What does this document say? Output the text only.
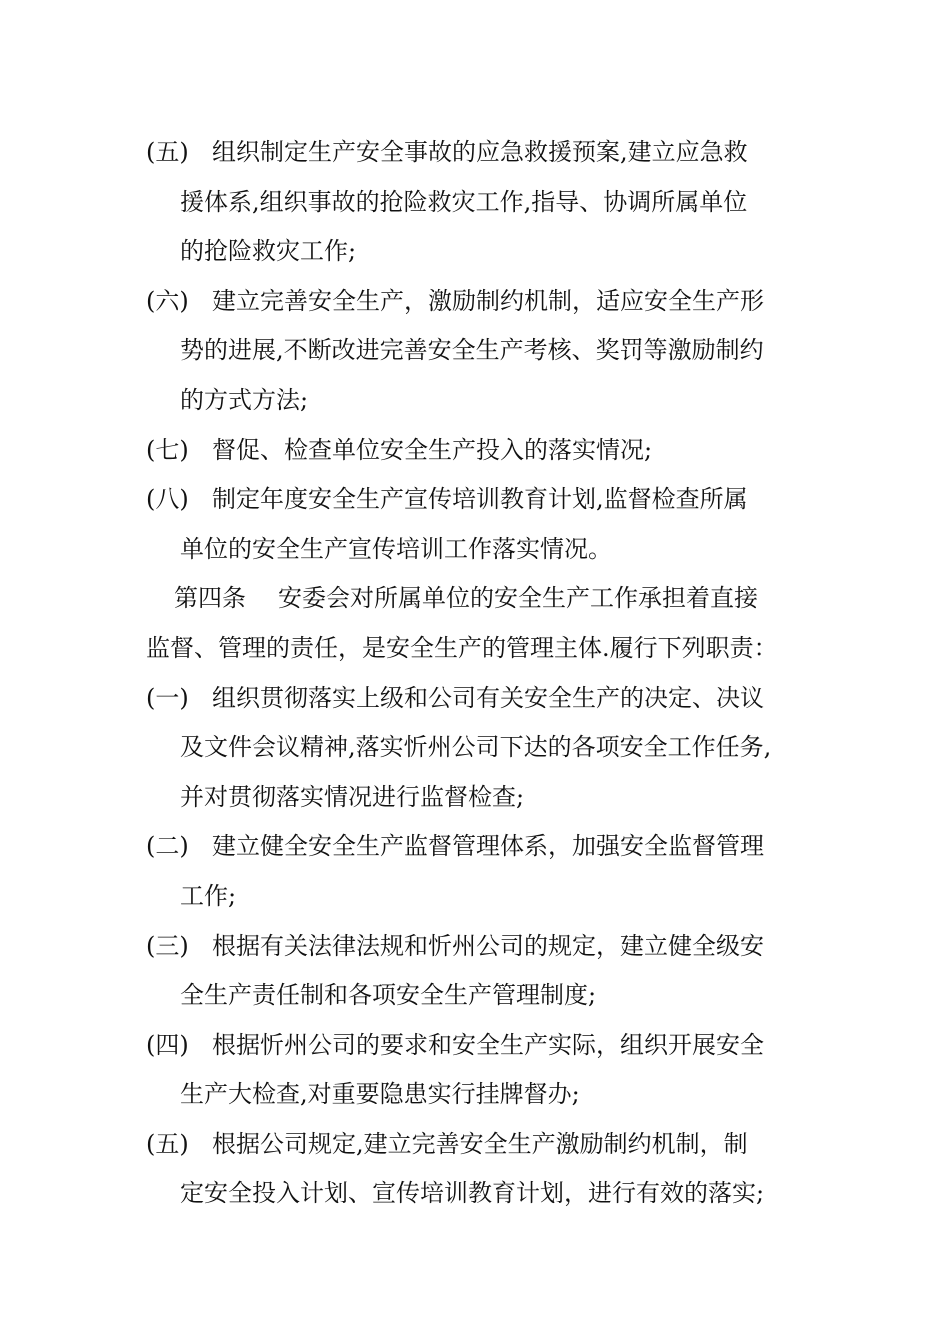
(五) 组织制定生产安全事故的应急救援预案,建立应急救
援体系,组织事故的抢险救灾工作,指导、协调所属单位
的抢险救灾工作;
(六) 建立完善安全生产，激励制约机制，适应安全生产形
势的进展,不断改进完善安全生产考核、奖罚等激励制约
的方式方法;
(七) 督促、检查单位安全生产投入的落实情况;
(八) 制定年度安全生产宣传培训教育计划,监督检查所属
单位的安全生产宣传培训工作落实情况。
第四条 安委会对所属单位的安全生产工作承担着直接
监督、管理的责任，是安全生产的管理主体.履行下列职责：
(一) 组织贯彻落实上级和公司有关安全生产的决定、决议
及文件会议精神,落实忻州公司下达的各项安全工作任务,
并对贯彻落实情况进行监督检查;
(二) 建立健全安全生产监督管理体系，加强安全监督管理
工作;
(三) 根据有关法律法规和忻州公司的规定，建立健全级安
全生产责任制和各项安全生产管理制度;
(四) 根据忻州公司的要求和安全生产实际，组织开展安全
生产大检查,对重要隐患实行挂牌督办;
(五) 根据公司规定,建立完善安全生产激励制约机制，制
定安全投入计划、宣传培训教育计划，进行有效的落实;
